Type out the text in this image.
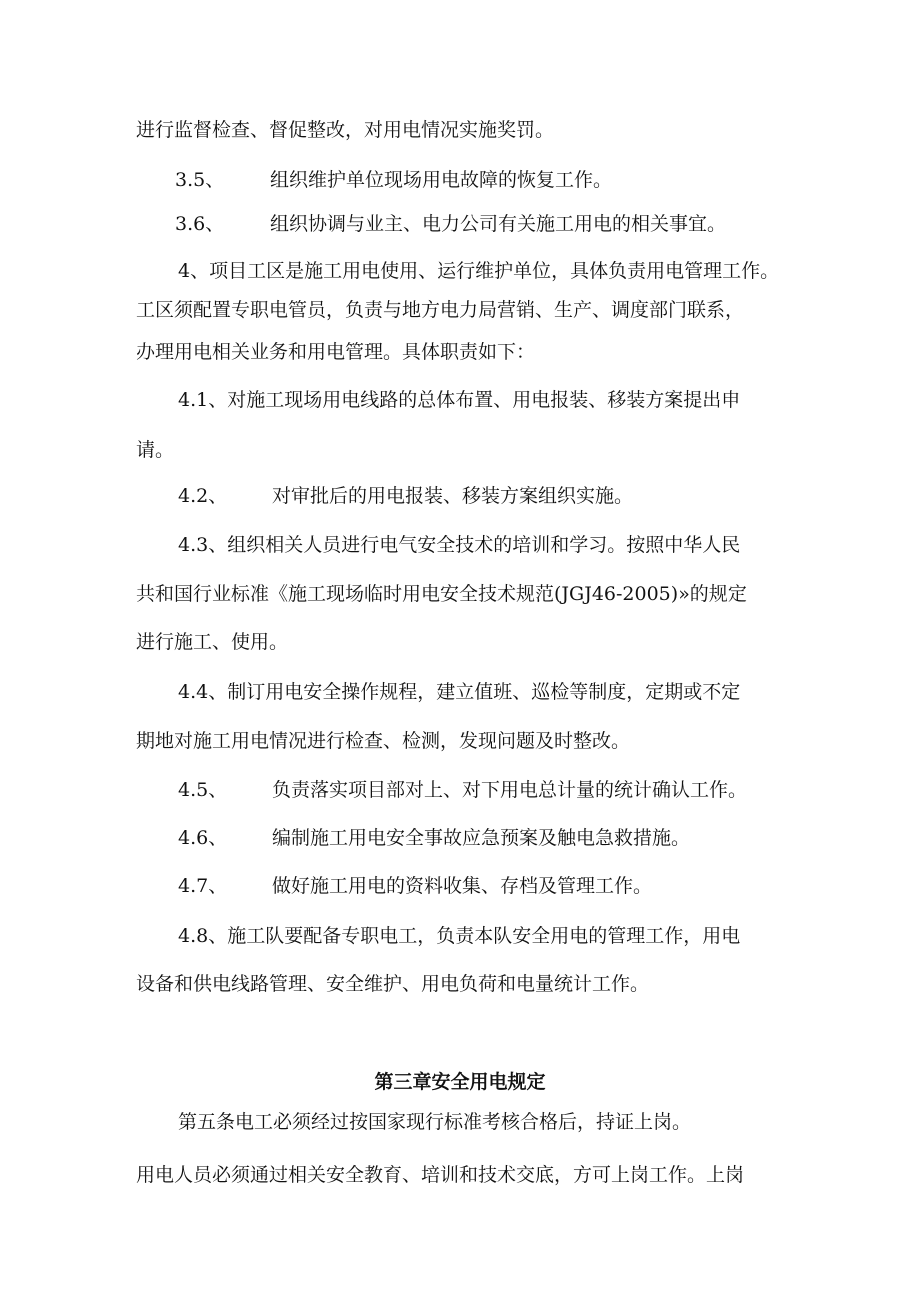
进行监督检查、督促整改，对用电情况实施奖罚。
3.5、 组织维护单位现场用电故障的恢复工作。
3.6、 组织协调与业主、电力公司有关施工用电的相关事宜。
4、项目工区是施工用电使用、运行维护单位，具体负责用电管理工作。
工区须配置专职电管员，负责与地方电力局营销、生产、调度部门联系，
办理用电相关业务和用电管理。具体职责如下：
4.1、对施工现场用电线路的总体布置、用电报装、移装方案提出申
请。
4.2、 对审批后的用电报装、移装方案组织实施。
4.3、组织相关人员进行电气安全技术的培训和学习。按照中华人民
共和国行业标准《施工现场临时用电安全技术规范(JGJ46-2005)»的规定
进行施工、使用。
4.4、制订用电安全操作规程，建立值班、巡检等制度，定期或不定
期地对施工用电情况进行检查、检测，发现问题及时整改。
4.5、 负责落实项目部对上、对下用电总计量的统计确认工作。
4.6、 编制施工用电安全事故应急预案及触电急救措施。
4.7、 做好施工用电的资料收集、存档及管理工作。
4.8、施工队要配备专职电工，负责本队安全用电的管理工作，用电
设备和供电线路管理、安全维护、用电负荷和电量统计工作。
第三章安全用电规定
第五条电工必须经过按国家现行标准考核合格后，持证上岗。
用电人员必须通过相关安全教育、培训和技术交底，方可上岗工作。上岗
